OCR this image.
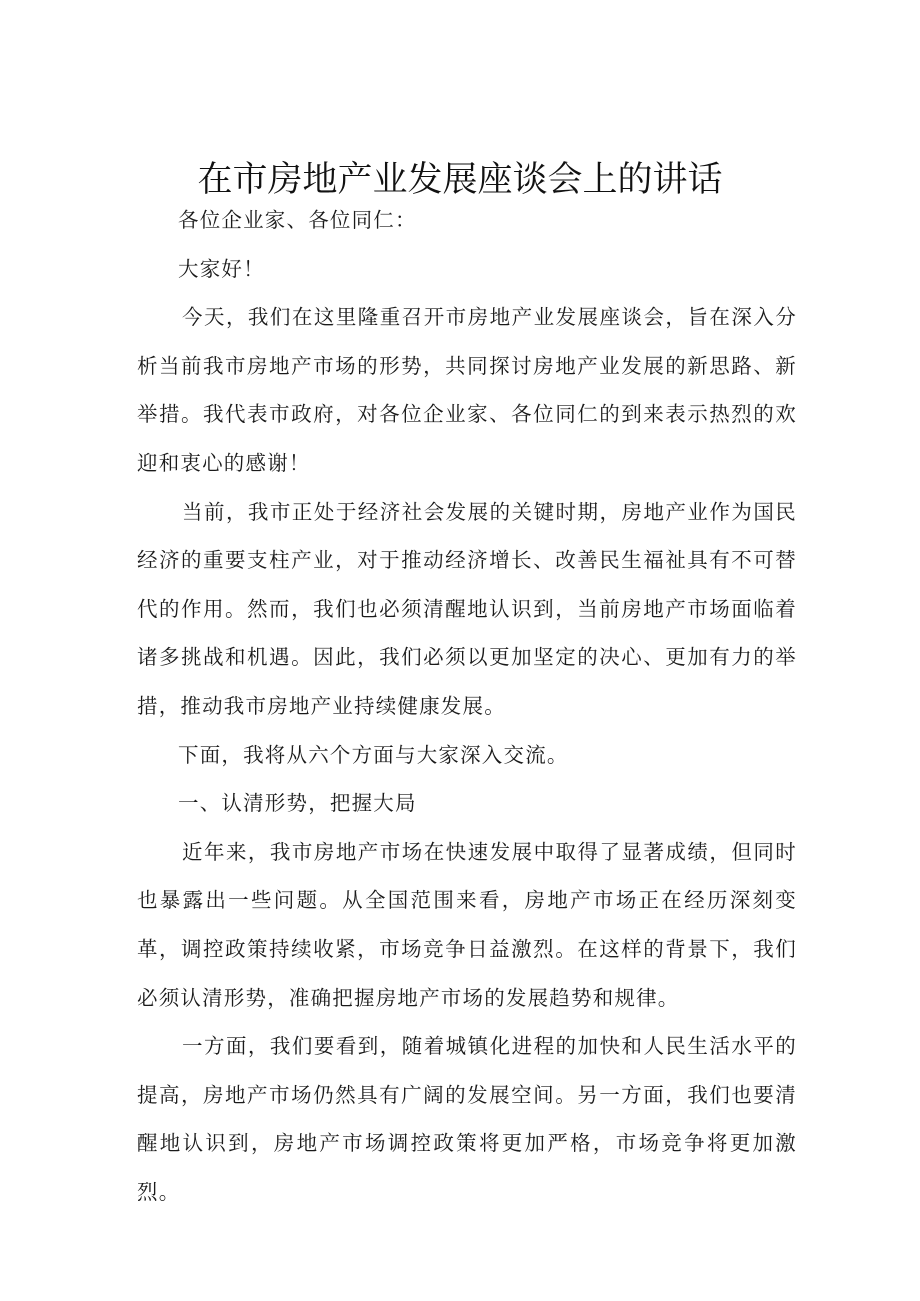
在市房地产业发展座谈会上的讲话

各位企业家、各位同仁：

大家好！

今天，我们在这里隆重召开市房地产业发展座谈会，旨在深入分析当前我市房地产市场的形势，共同探讨房地产业发展的新思路、新举措。我代表市政府，对各位企业家、各位同仁的到来表示热烈的欢迎和衷心的感谢！

当前，我市正处于经济社会发展的关键时期，房地产业作为国民经济的重要支柱产业，对于推动经济增长、改善民生福祉具有不可替代的作用。然而，我们也必须清醒地认识到，当前房地产市场面临着诸多挑战和机遇。因此，我们必须以更加坚定的决心、更加有力的举措，推动我市房地产业持续健康发展。

下面，我将从六个方面与大家深入交流。

一、认清形势，把握大局

近年来，我市房地产市场在快速发展中取得了显著成绩，但同时也暴露出一些问题。从全国范围来看，房地产市场正在经历深刻变革，调控政策持续收紧，市场竞争日益激烈。在这样的背景下，我们必须认清形势，准确把握房地产市场的发展趋势和规律。

一方面，我们要看到，随着城镇化进程的加快和人民生活水平的提高，房地产市场仍然具有广阔的发展空间。另一方面，我们也要清醒地认识到，房地产市场调控政策将更加严格，市场竞争将更加激烈。
